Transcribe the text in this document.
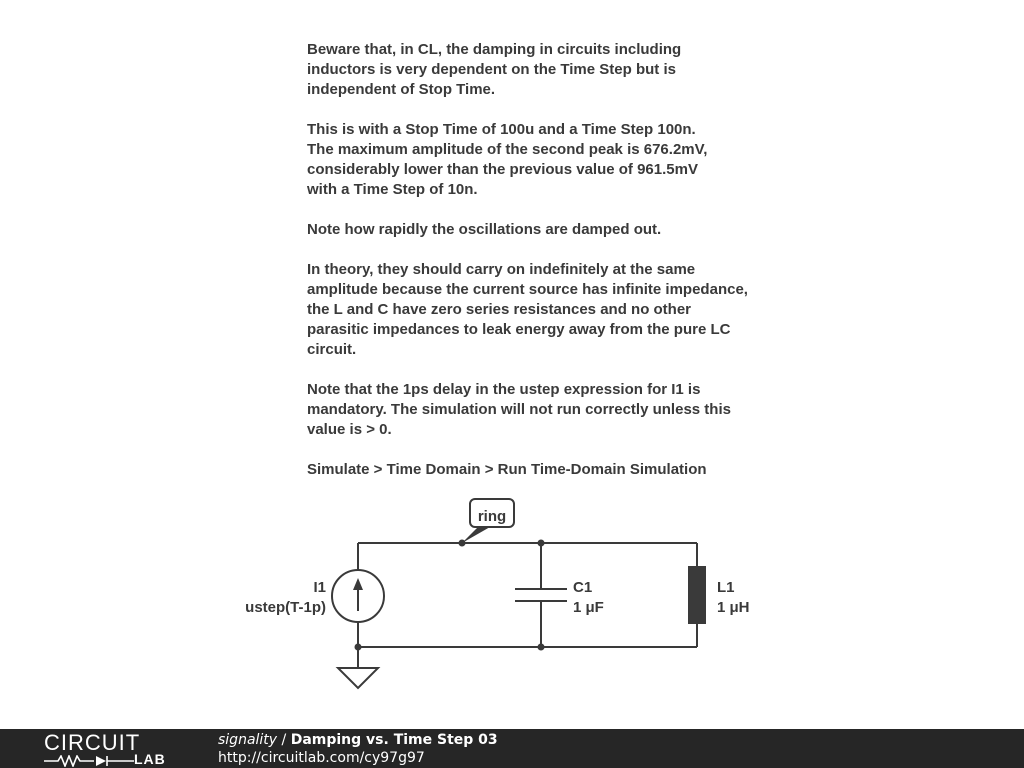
Beware that, in CL, the damping in circuits including
inductors is very dependent on the Time Step but is
independent of Stop Time.

This is with a Stop Time of 100u and a Time Step 100n.
The maximum amplitude of the second peak is 676.2mV,
considerably lower than the previous value of 961.5mV
with a Time Step of 10n.

Note how rapidly the oscillations are damped out.

In theory, they should carry on indefinitely at the same
amplitude because the current source has infinite impedance,
the L and C have zero series resistances and no other
parasitic impedances to leak energy away from the pure LC
circuit.

Note that the 1ps delay in the ustep expression for I1 is
mandatory. The simulation will not run correctly unless this
value is > 0.

Simulate > Time Domain > Run Time-Domain Simulation

I1
ustep(T-1p)
C1
1 μF
L1
1 μH
ring
CIRCUIT
LAB
signality / Damping vs. Time Step 03
http://circuitlab.com/cy97g97
